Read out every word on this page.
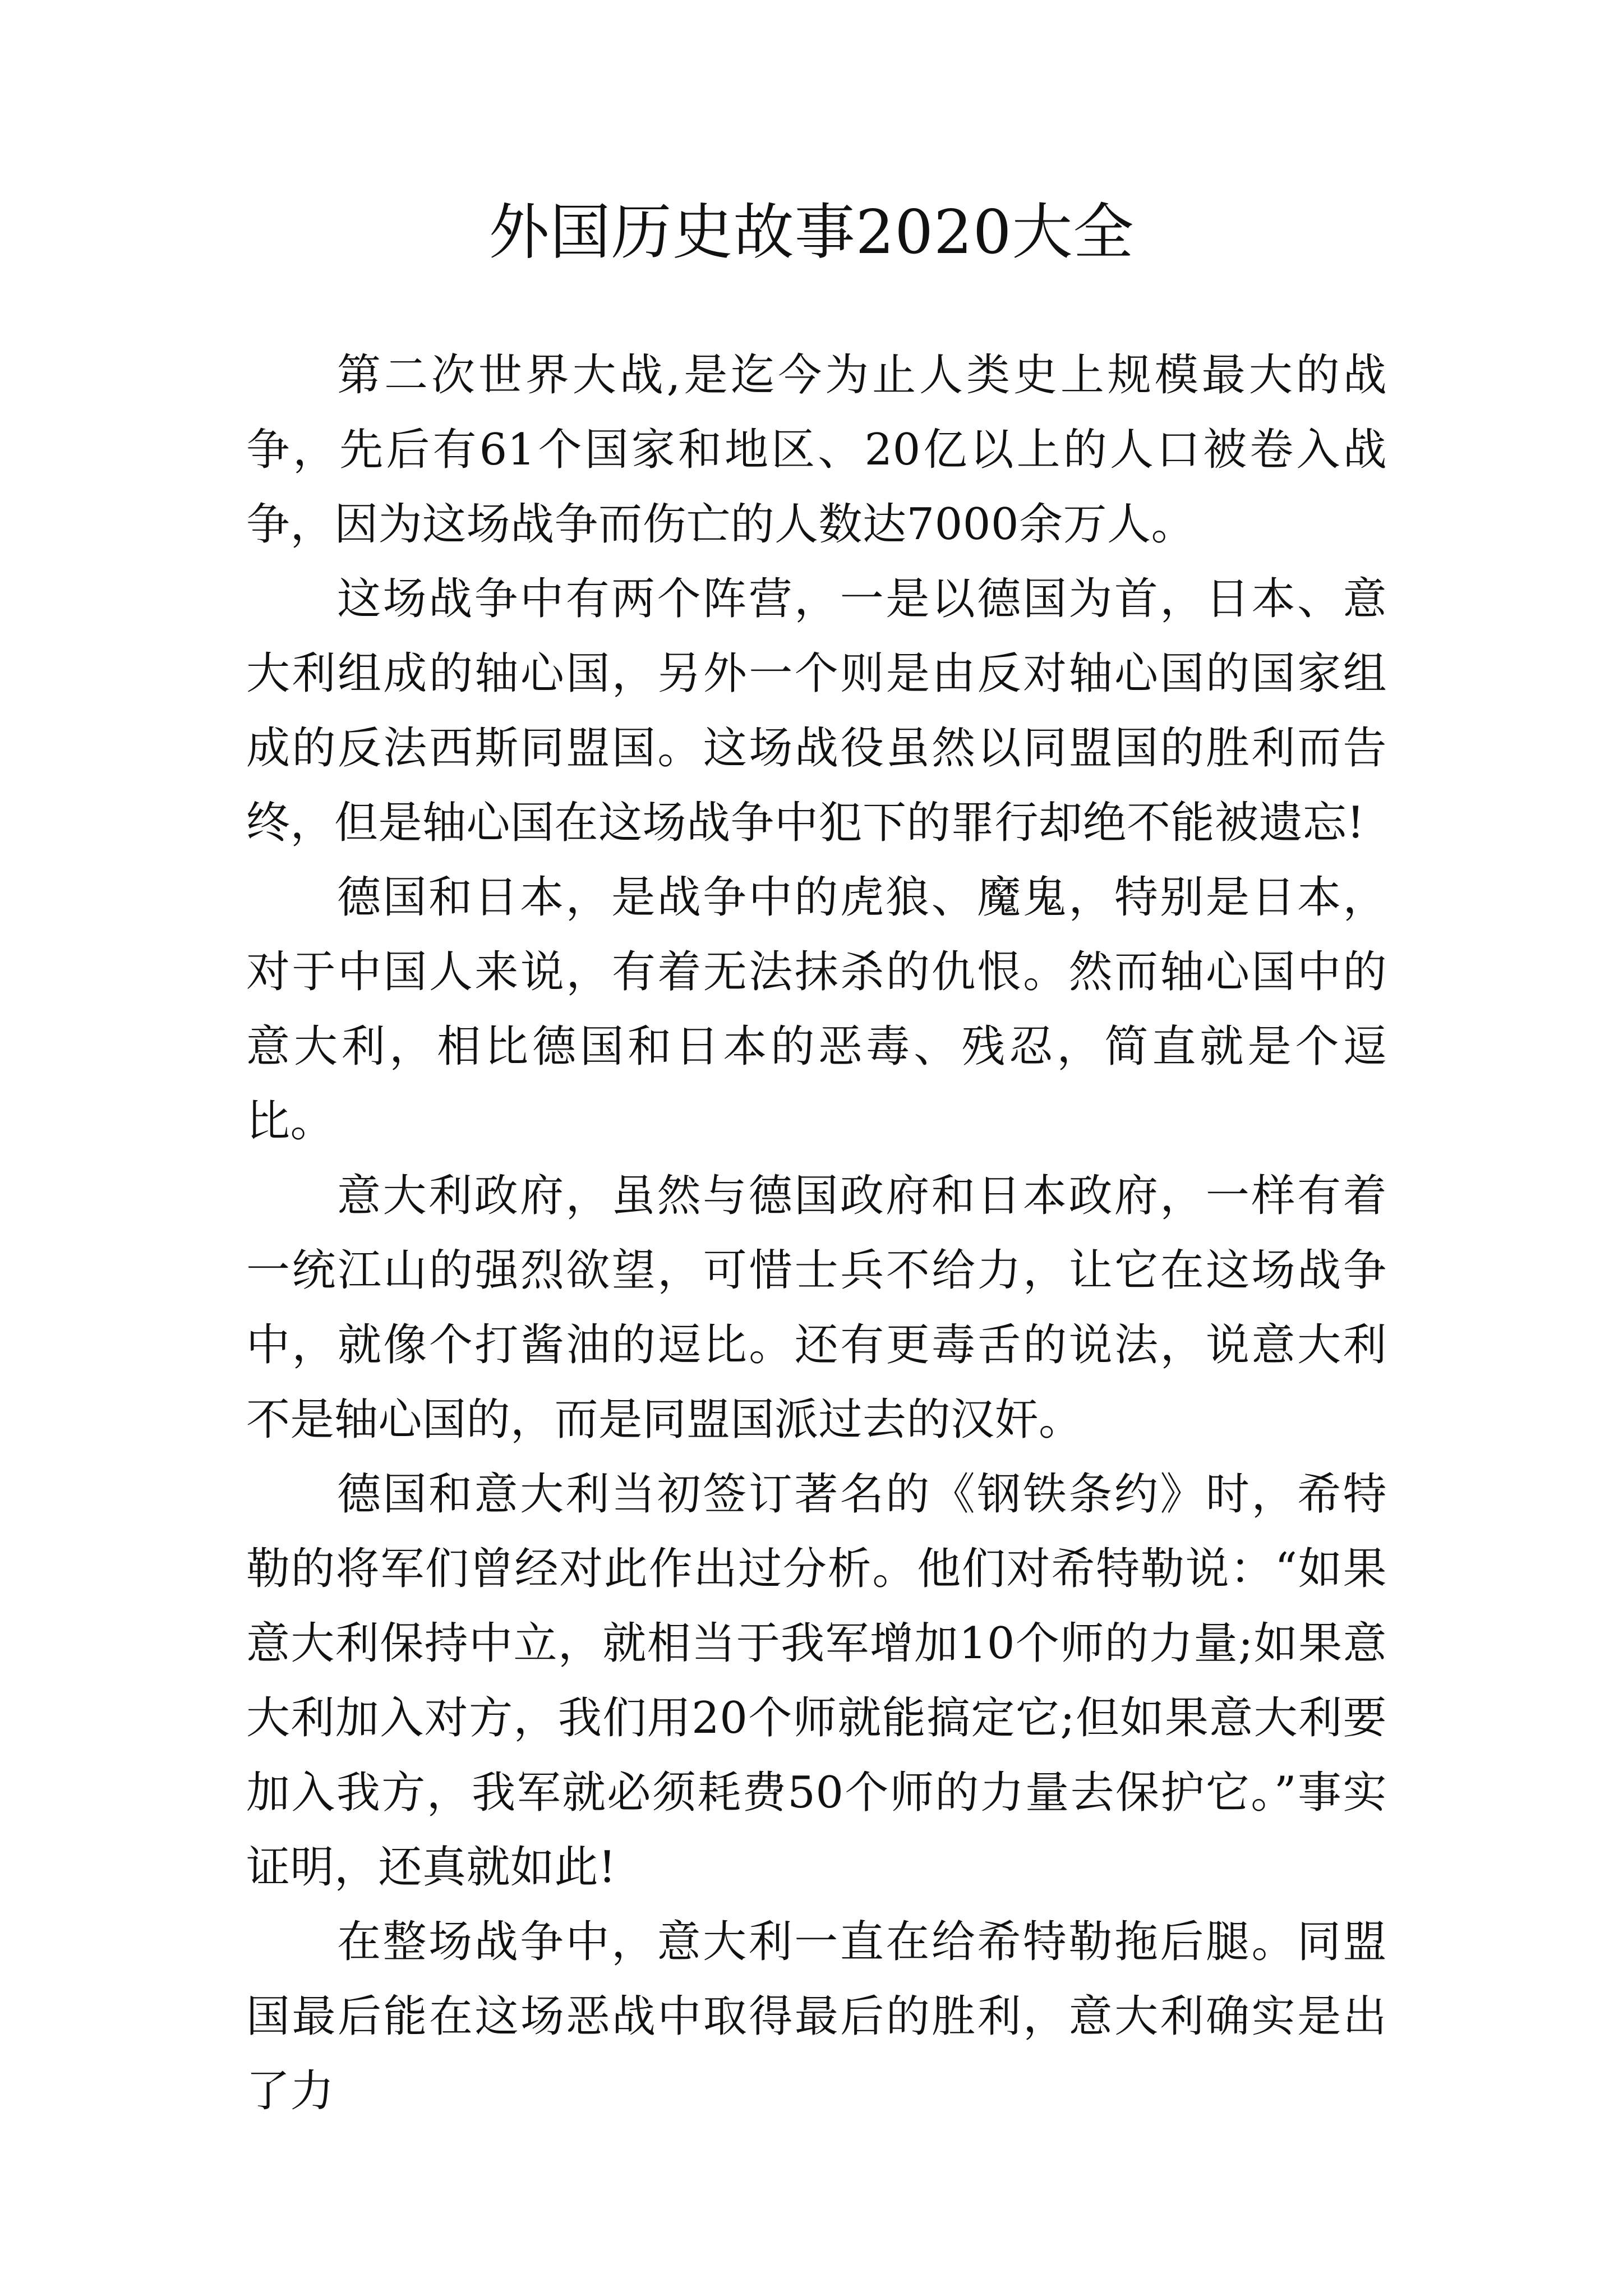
外国历史故事2020大全

第二次世界大战,是迄今为止人类史上规模最大的战争，先后有61个国家和地区、20亿以上的人口被卷入战争，因为这场战争而伤亡的人数达7000余万人。

这场战争中有两个阵营，一是以德国为首，日本、意大利组成的轴心国，另外一个则是由反对轴心国的国家组成的反法西斯同盟国。这场战役虽然以同盟国的胜利而告终，但是轴心国在这场战争中犯下的罪行却绝不能被遗忘!

德国和日本，是战争中的虎狼、魔鬼，特别是日本，对于中国人来说，有着无法抹杀的仇恨。然而轴心国中的意大利，相比德国和日本的恶毒、残忍，简直就是个逗比。

意大利政府，虽然与德国政府和日本政府，一样有着一统江山的强烈欲望，可惜士兵不给力，让它在这场战争中，就像个打酱油的逗比。还有更毒舌的说法，说意大利不是轴心国的，而是同盟国派过去的汉奸。

德国和意大利当初签订著名的《钢铁条约》时，希特勒的将军们曾经对此作出过分析。他们对希特勒说：“如果意大利保持中立，就相当于我军增加10个师的力量;如果意大利加入对方，我们用20个师就能搞定它;但如果意大利要加入我方，我军就必须耗费50个师的力量去保护它。”事实证明，还真就如此!

在整场战争中，意大利一直在给希特勒拖后腿。同盟国最后能在这场恶战中取得最后的胜利，意大利确实是出了力
